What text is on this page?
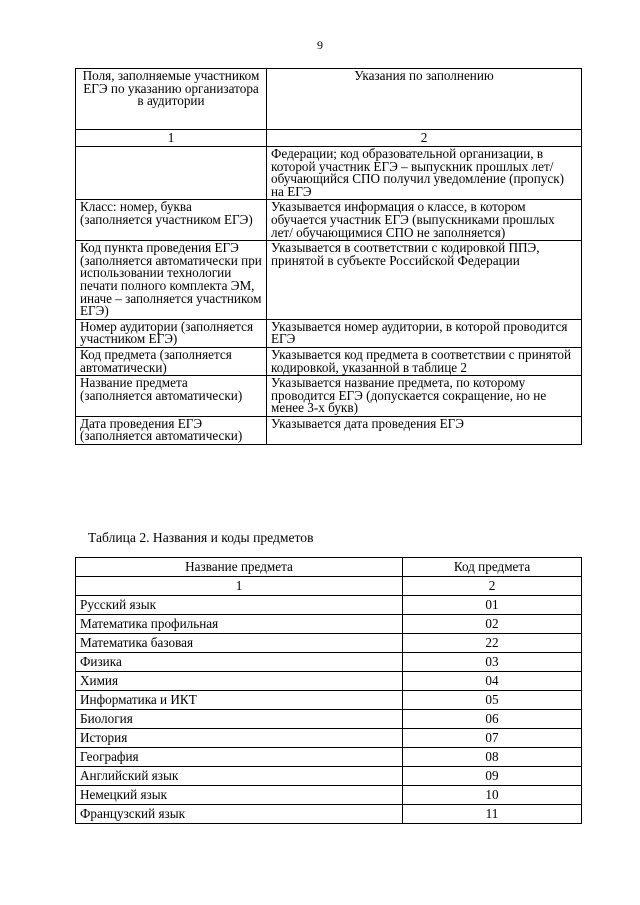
9
Поля, заполняемые участником ЕГЭ по указанию организатора в аудитории	Указания по заполнению
1	2
	Федерации; код образовательной организации, в которой участник ЕГЭ – выпускник прошлых лет/обучающийся СПО получил уведомление (пропуск) на ЕГЭ
Класс: номер, буква (заполняется участником ЕГЭ)	Указывается информация о классе, в котором обучается участник ЕГЭ (выпускниками прошлых лет/ обучающимися СПО не заполняется)
Код пункта проведения ЕГЭ (заполняется автоматически при использовании технологии печати полного комплекта ЭМ, иначе – заполняется участником ЕГЭ)	Указывается в соответствии с кодировкой ППЭ, принятой в субъекте Российской Федерации
Номер аудитории (заполняется участником ЕГЭ)	Указывается номер аудитории, в которой проводится ЕГЭ
Код предмета (заполняется автоматически)	Указывается код предмета в соответствии с принятой кодировкой, указанной в таблице 2
Название предмета (заполняется автоматически)	Указывается название предмета, по которому проводится ЕГЭ (допускается сокращение, но не менее 3-х букв)
Дата проведения ЕГЭ (заполняется автоматически)	Указывается дата проведения ЕГЭ
Таблица 2. Названия и коды предметов
Название предмета	Код предмета
1	2
Русский язык	01
Математика профильная	02
Математика базовая	22
Физика	03
Химия	04
Информатика и ИКТ	05
Биология	06
История	07
География	08
Английский язык	09
Немецкий язык	10
Французский язык	11
